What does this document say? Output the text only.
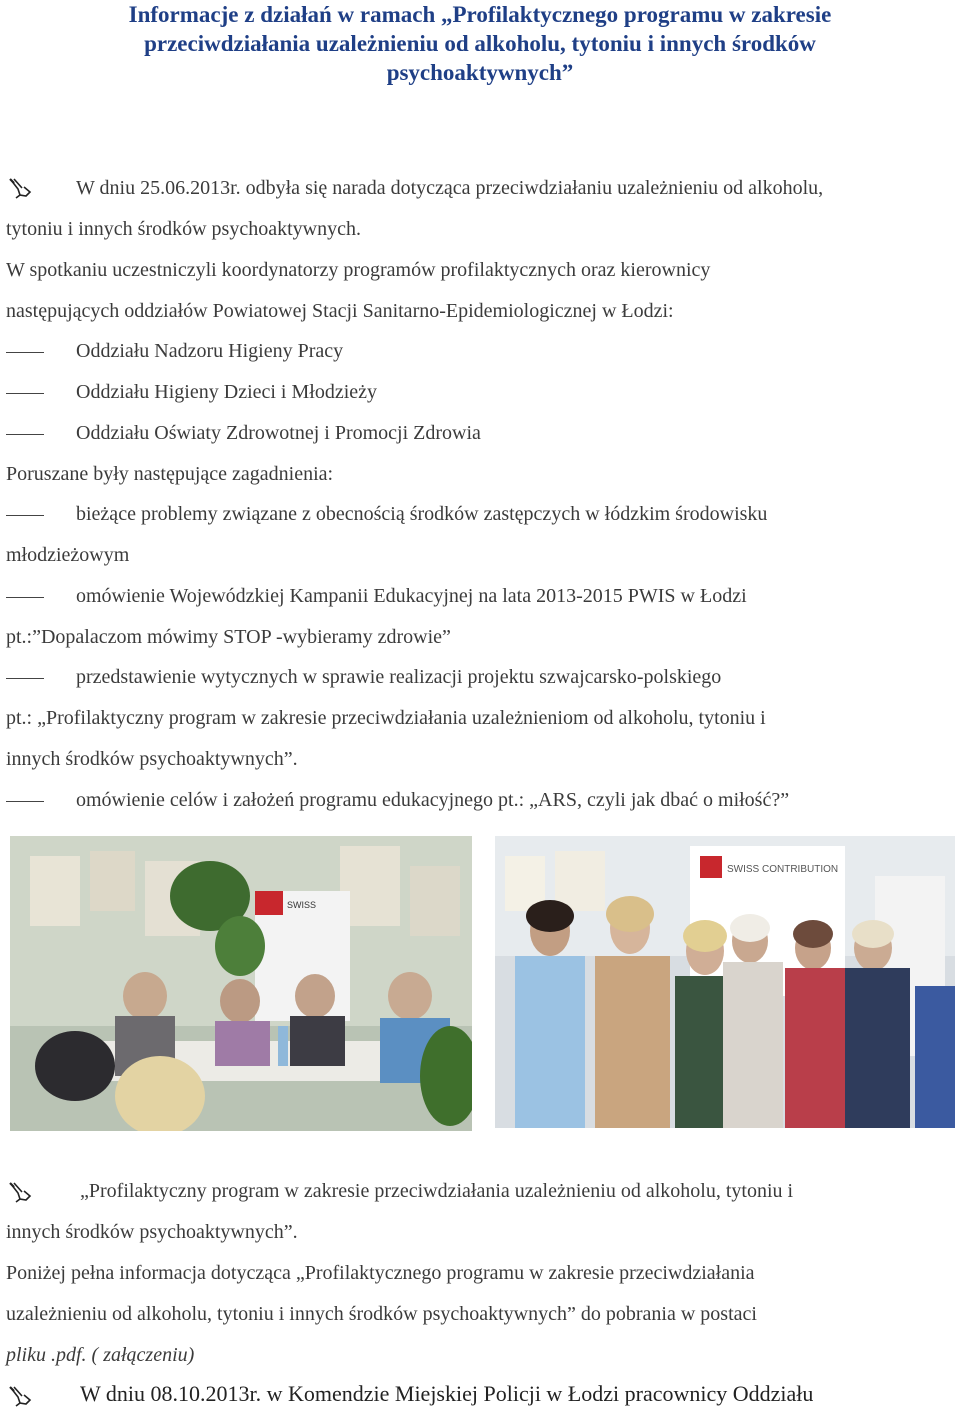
Informacje z działań w ramach „Profilaktycznego programu w zakresie
przeciwdziałania uzależnieniu od alkoholu, tytoniu i innych środków
psychoaktywnych”
W dniu 25.06.2013r. odbyła się narada dotycząca przeciwdziałaniu uzależnieniu od alkoholu,
tytoniu i innych środków psychoaktywnych.
W spotkaniu uczestniczyli koordynatorzy programów profilaktycznych oraz kierownicy
następujących oddziałów Powiatowej Stacji Sanitarno-Epidemiologicznej w Łodzi:
Oddziału Nadzoru Higieny Pracy
Oddziału Higieny Dzieci i Młodzieży
Oddziału Oświaty Zdrowotnej i Promocji Zdrowia
Poruszane były następujące zagadnienia:
bieżące problemy związane z obecnością środków zastępczych w łódzkim środowisku
młodzieżowym
omówienie Wojewódzkiej Kampanii Edukacyjnej na lata 2013-2015 PWIS w Łodzi
pt.:”Dopalaczom mówimy STOP -wybieramy zdrowie”
przedstawienie wytycznych w sprawie realizacji projektu szwajcarsko-polskiego
pt.: „Profilaktyczny program w zakresie przeciwdziałania uzależnieniom od alkoholu, tytoniu i
innych środków psychoaktywnych”.
omówienie celów i założeń programu edukacyjnego pt.: „ARS, czyli jak dbać o miłość?”
SWISS
SWISS CONTRIBUTION
„Profilaktyczny program w zakresie przeciwdziałania uzależnieniu od alkoholu, tytoniu i
innych środków psychoaktywnych”.
Poniżej pełna informacja dotycząca „Profilaktycznego programu w zakresie przeciwdziałania
uzależnieniu od alkoholu, tytoniu i innych środków psychoaktywnych” do pobrania w postaci
pliku .pdf. ( załączeniu)
W dniu 08.10.2013r. w Komendzie Miejskiej Policji w Łodzi pracownicy Oddziału
